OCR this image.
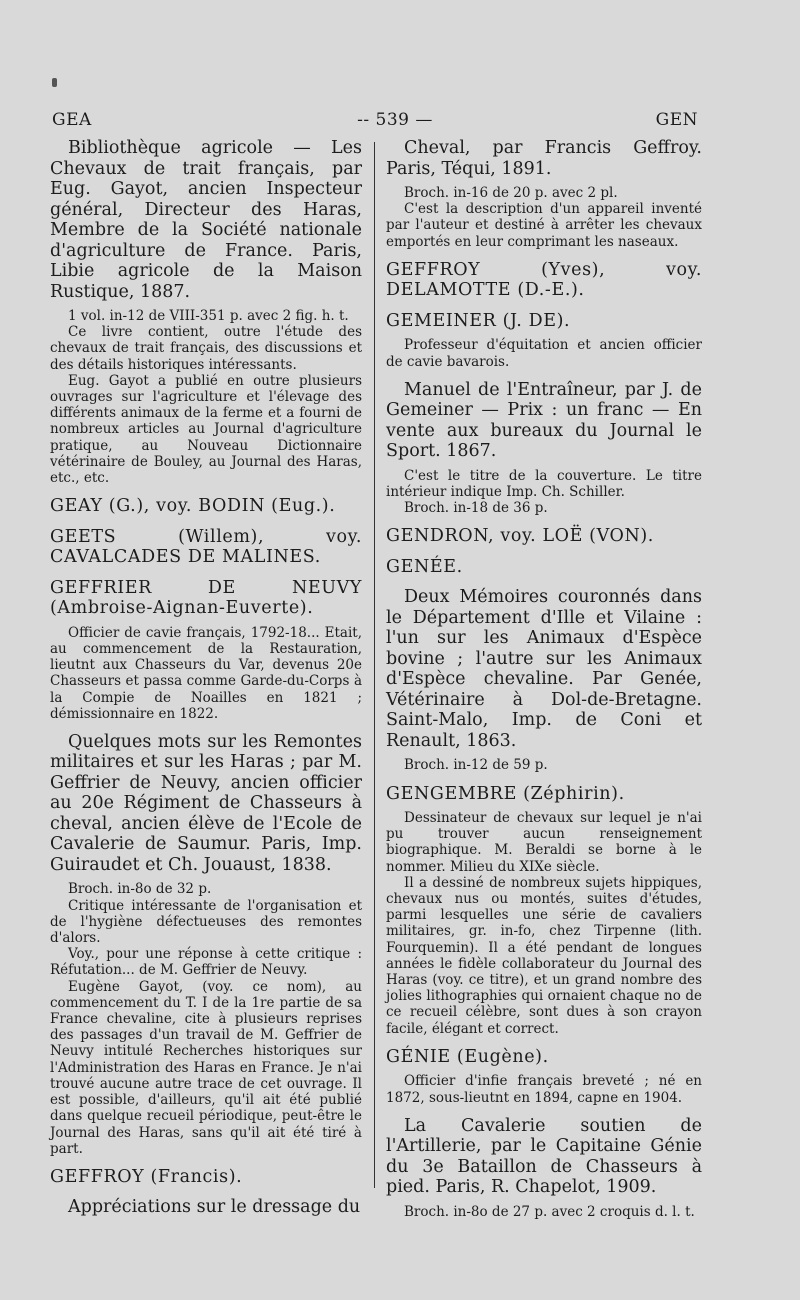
GEA	-- 539 —	GEN

Bibliothèque agricole — Les Chevaux de trait français, par Eug. Gayot, ancien Inspecteur général, Directeur des Haras, Membre de la Société nationale d'agriculture de France. Paris, Libie agricole de la Maison Rustique, 1887.

1 vol. in-12 de VIII-351 p. avec 2 fig. h. t.

Ce livre contient, outre l'étude des chevaux de trait français, des discussions et des détails historiques intéressants.

Eug. Gayot a publié en outre plusieurs ouvrages sur l'agriculture et l'élevage des différents animaux de la ferme et a fourni de nombreux articles au Journal d'agriculture pratique, au Nouveau Dictionnaire vétérinaire de Bouley, au Journal des Haras, etc., etc.

GEAY (G.), voy. BODIN (Eug.).

GEETS (Willem), voy. CAVALCADES DE MALINES.

GEFFRIER DE NEUVY (Ambroise-Aignan-Euverte).

Officier de cavie français, 1792-18... Etait, au commencement de la Restauration, lieutnt aux Chasseurs du Var, devenus 20e Chasseurs et passa comme Garde-du-Corps à la Compie de Noailles en 1821 ; démissionnaire en 1822.

Quelques mots sur les Remontes militaires et sur les Haras ; par M. Geffrier de Neuvy, ancien officier au 20e Régiment de Chasseurs à cheval, ancien élève de l'Ecole de Cavalerie de Saumur. Paris, Imp. Guiraudet et Ch. Jouaust, 1838.

Broch. in-8o de 32 p.

Critique intéressante de l'organisation et de l'hygiène défectueuses des remontes d'alors.

Voy., pour une réponse à cette critique : Réfutation... de M. Geffrier de Neuvy.

Eugène Gayot, (voy. ce nom), au commencement du T. I de la 1re partie de sa France chevaline, cite à plusieurs reprises des passages d'un travail de M. Geffrier de Neuvy intitulé Recherches historiques sur l'Administration des Haras en France. Je n'ai trouvé aucune autre trace de cet ouvrage. Il est possible, d'ailleurs, qu'il ait été publié dans quelque recueil périodique, peut-être le Journal des Haras, sans qu'il ait été tiré à part.

GEFFROY (Francis).

Appréciations sur le dressage du

Cheval, par Francis Geffroy. Paris, Téqui, 1891.

Broch. in-16 de 20 p. avec 2 pl.

C'est la description d'un appareil inventé par l'auteur et destiné à arrêter les chevaux emportés en leur comprimant les naseaux.

GEFFROY (Yves), voy. DELAMOTTE (D.-E.).

GEMEINER (J. DE).

Professeur d'équitation et ancien officier de cavie bavarois.

Manuel de l'Entraîneur, par J. de Gemeiner — Prix : un franc — En vente aux bureaux du Journal le Sport. 1867.

C'est le titre de la couverture. Le titre intérieur indique Imp. Ch. Schiller.

Broch. in-18 de 36 p.

GENDRON, voy. LOË (VON).

GENÉE.

Deux Mémoires couronnés dans le Département d'Ille et Vilaine : l'un sur les Animaux d'Espèce bovine ; l'autre sur les Animaux d'Espèce chevaline. Par Genée, Vétérinaire à Dol-de-Bretagne. Saint-Malo, Imp. de Coni et Renault, 1863.

Broch. in-12 de 59 p.

GENGEMBRE (Zéphirin).

Dessinateur de chevaux sur lequel je n'ai pu trouver aucun renseignement biographique. M. Beraldi se borne à le nommer. Milieu du XIXe siècle.

Il a dessiné de nombreux sujets hippiques, chevaux nus ou montés, suites d'études, parmi lesquelles une série de cavaliers militaires, gr. in-fo, chez Tirpenne (lith. Fourquemin). Il a été pendant de longues années le fidèle collaborateur du Journal des Haras (voy. ce titre), et un grand nombre des jolies lithographies qui ornaient chaque no de ce recueil célèbre, sont dues à son crayon facile, élégant et correct.

GÉNIE (Eugène).

Officier d'infie français breveté ; né en 1872, sous-lieutnt en 1894, capne en 1904.

La Cavalerie soutien de l'Artillerie, par le Capitaine Génie du 3e Bataillon de Chasseurs à pied. Paris, R. Chapelot, 1909.

Broch. in-8o de 27 p. avec 2 croquis d. l. t.
